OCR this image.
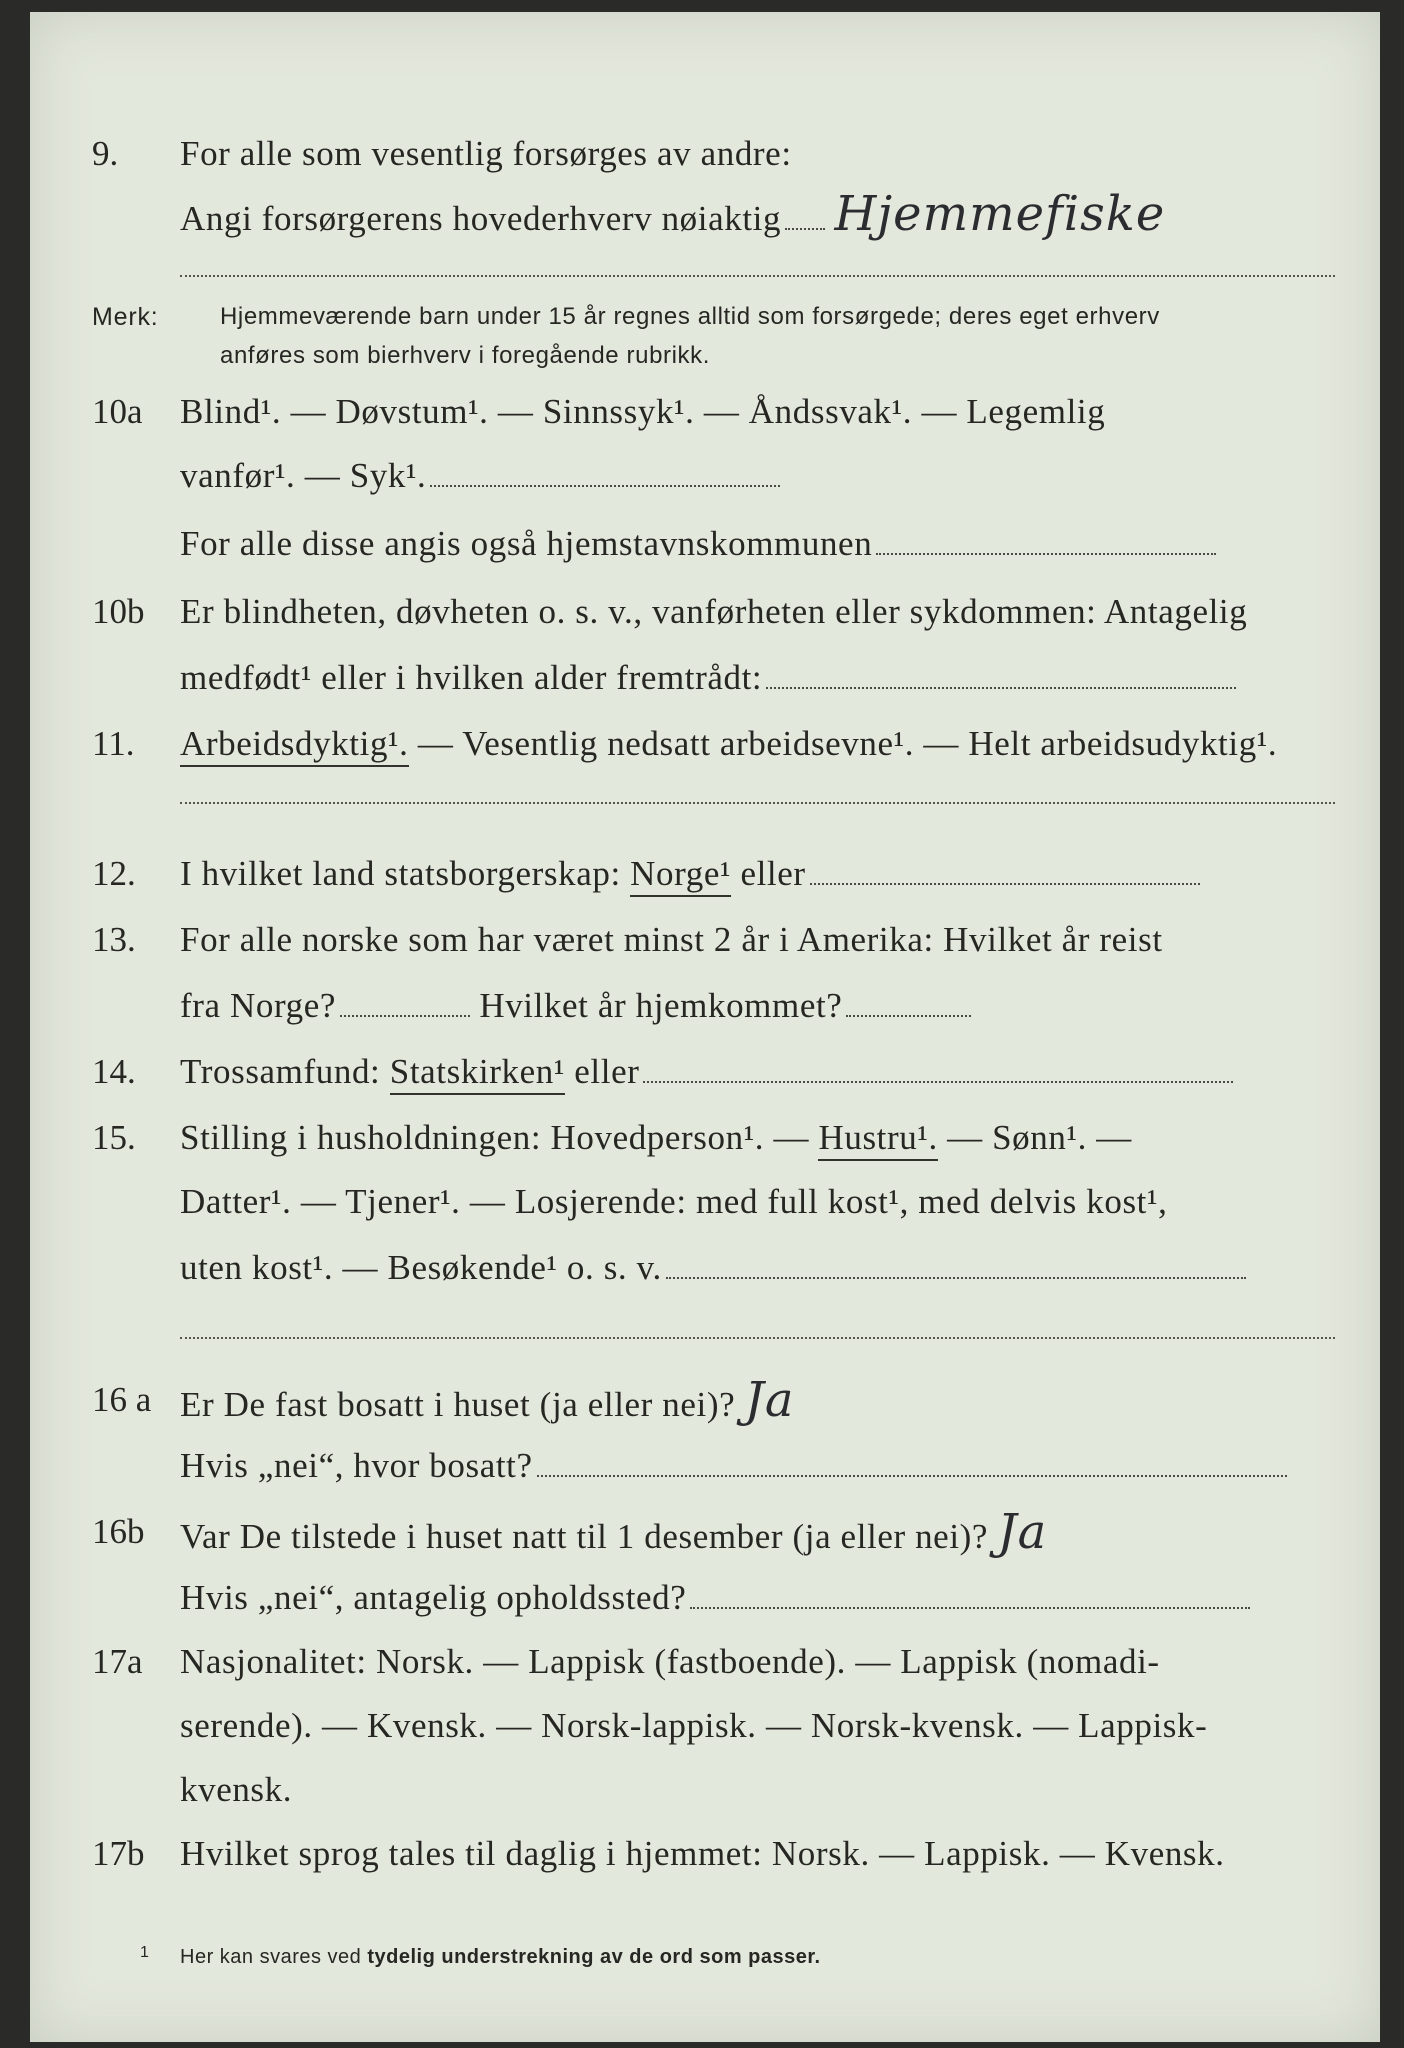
9.	For alle som vesentlig forsørges av andre:
Angi forsørgerens hovederhverv nøiaktig Hjemmefiske
Merk:	Hjemmeværende barn under 15 år regnes alltid som forsørgede; deres eget erhverv
anføres som bierhverv i foregående rubrikk.
10a	Blind¹. — Døvstum¹. — Sinnssyk¹. — Åndssvak¹. — Legemlig
vanfør¹. — Syk¹.
For alle disse angis også hjemstavnskommunen
10b	Er blindheten, døvheten o. s. v., vanførheten eller sykdommen: Antagelig
medfødt¹ eller i hvilken alder fremtrådt:
11.	Arbeidsdyktig¹. — Vesentlig nedsatt arbeidsevne¹. — Helt arbeidsudyktig¹.
12.	I hvilket land statsborgerskap: Norge¹ eller
13.	For alle norske som har været minst 2 år i Amerika: Hvilket år reist
fra Norge?	Hvilket år hjemkommet?
14.	Trossamfund: Statskirken¹ eller
15.	Stilling i husholdningen: Hovedperson¹. — Hustru¹. — Sønn¹. —
Datter¹. — Tjener¹. — Losjerende: med full kost¹, med delvis kost¹,
uten kost¹. — Besøkende¹ o. s. v.
16 a Er De fast bosatt i huset (ja eller nei)? Ja
Hvis „nei“, hvor bosatt?
16b	Var De tilstede i huset natt til 1 desember (ja eller nei)? Ja
Hvis „nei“, antagelig opholdssted?
17a	Nasjonalitet: Norsk. — Lappisk (fastboende). — Lappisk (nomadi-
serende). — Kvensk. — Norsk-lappisk. — Norsk-kvensk. — Lappisk-
kvensk.
17b	Hvilket sprog tales til daglig i hjemmet: Norsk. — Lappisk. — Kvensk.
1 Her kan svares ved tydelig understrekning av de ord som passer.
